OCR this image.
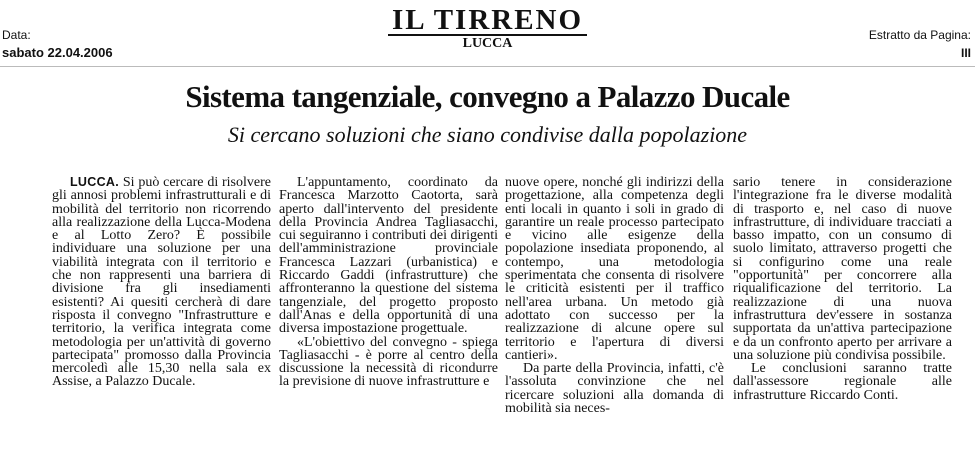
Data:
sabato 22.04.2006
IL TIRRENO
LUCCA
Estratto da Pagina:
III
Sistema tangenziale, convegno a Palazzo Ducale
Si cercano soluzioni che siano condivise dalla popolazione

LUCCA. Si può cercare di risolvere gli annosi problemi infrastrutturali e di mobilità del territorio non ricorrendo alla realizzazione della Lucca-Modena e al Lotto Zero? È possibile individuare una soluzione per una viabilità integrata con il territorio e che non rappresenti una barriera di divisione fra gli insediamenti esistenti? Ai quesiti cercherà di dare risposta il convegno "Infrastrutture e territorio, la verifica integrata come metodologia per un'attività di governo partecipata" promosso dalla Provincia mercoledì alle 15,30 nella sala ex Assise, a Palazzo Ducale.

L'appuntamento, coordinato da Francesca Marzotto Caotorta, sarà aperto dall'intervento del presidente della Provincia Andrea Tagliasacchi, cui seguiranno i contributi dei dirigenti dell'amministrazione provinciale Francesca Lazzari (urbanistica) e Riccardo Gaddi (infrastrutture) che affronteranno la questione del sistema tangenziale, del progetto proposto dall'Anas e della opportunità di una diversa impostazione progettuale.

«L'obiettivo del convegno - spiega Tagliasacchi - è porre al centro della discussione la necessità di ricondurre la previsione di nuove infrastrutture e

nuove opere, nonché gli indirizzi della progettazione, alla competenza degli enti locali in quanto i soli in grado di garantire un reale processo partecipato e vicino alle esigenze della popolazione insediata proponendo, al contempo, una metodologia sperimentata che consenta di risolvere le criticità esistenti per il traffico nell'area urbana. Un metodo già adottato con successo per la realizzazione di alcune opere sul territorio e l'apertura di diversi cantieri».

Da parte della Provincia, infatti, c'è l'assoluta convinzione che nel ricercare soluzioni alla domanda di mobilità sia neces-

sario tenere in considerazione l'integrazione fra le diverse modalità di trasporto e, nel caso di nuove infrastrutture, di individuare tracciati a basso impatto, con un consumo di suolo limitato, attraverso progetti che si configurino come una reale "opportunità" per concorrere alla riqualificazione del territorio. La realizzazione di una nuova infrastruttura dev'essere in sostanza supportata da un'attiva partecipazione e da un confronto aperto per arrivare a una soluzione più condivisa possibile.

Le conclusioni saranno tratte dall'assessore regionale alle infrastrutture Riccardo Conti.
